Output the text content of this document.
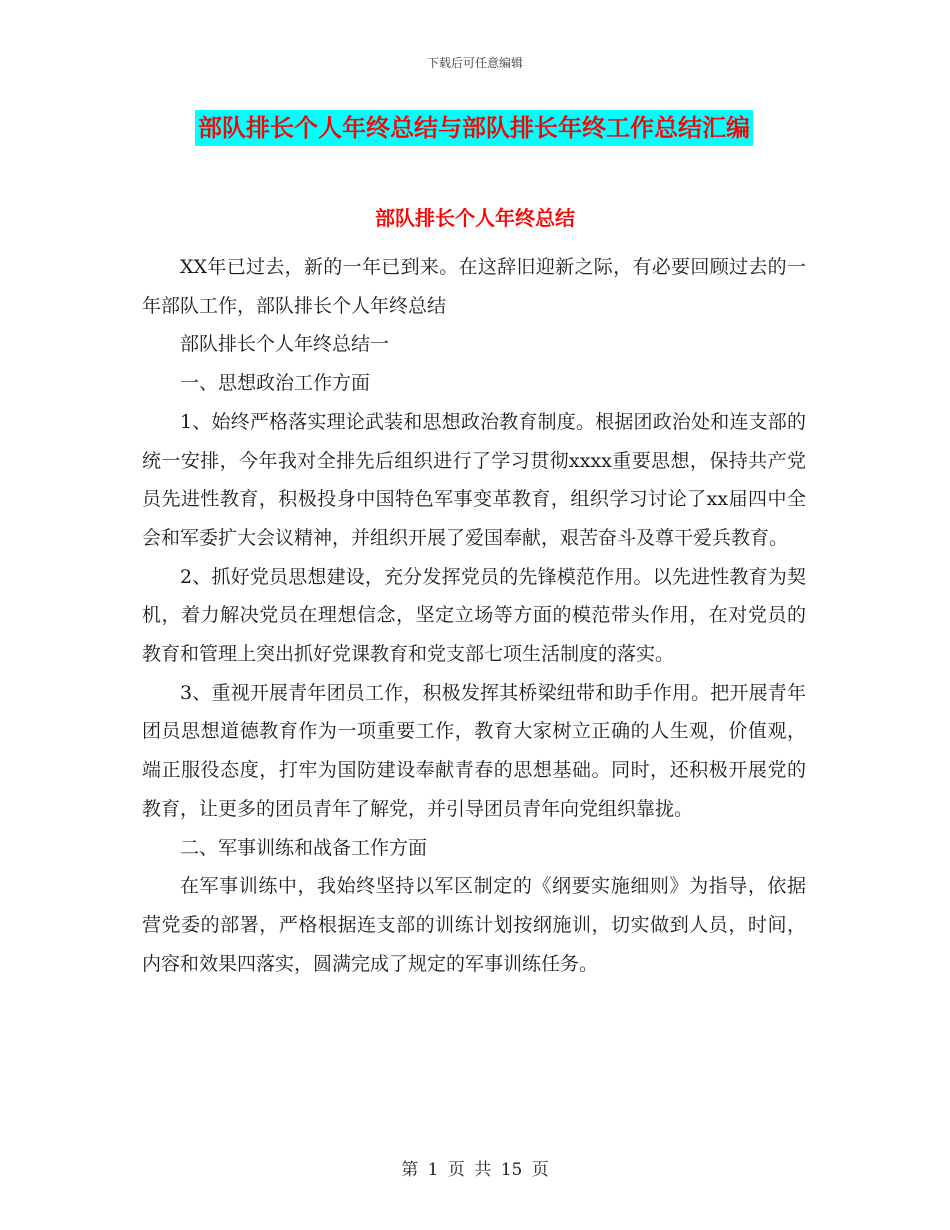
下载后可任意编辑
部队排长个人年终总结与部队排长年终工作总结汇编
部队排长个人年终总结

XX年已过去，新的一年已到来。在这辞旧迎新之际，有必要回顾过去的一年部队工作，部队排长个人年终总结

部队排长个人年终总结一

一、思想政治工作方面

1、始终严格落实理论武装和思想政治教育制度。根据团政治处和连支部的统一安排，今年我对全排先后组织进行了学习贯彻xxxx重要思想，保持共产党员先进性教育，积极投身中国特色军事变革教育，组织学习讨论了xx届四中全会和军委扩大会议精神，并组织开展了爱国奉献，艰苦奋斗及尊干爱兵教育。

2、抓好党员思想建设，充分发挥党员的先锋模范作用。以先进性教育为契机，着力解决党员在理想信念，坚定立场等方面的模范带头作用，在对党员的教育和管理上突出抓好党课教育和党支部七项生活制度的落实。

3、重视开展青年团员工作，积极发挥其桥梁纽带和助手作用。把开展青年团员思想道德教育作为一项重要工作，教育大家树立正确的人生观，价值观，端正服役态度，打牢为国防建设奉献青春的思想基础。同时，还积极开展党的教育，让更多的团员青年了解党，并引导团员青年向党组织靠拢。

二、军事训练和战备工作方面

在军事训练中，我始终坚持以军区制定的《纲要实施细则》为指导，依据营党委的部署，严格根据连支部的训练计划按纲施训，切实做到人员，时间，内容和效果四落实，圆满完成了规定的军事训练任务。

第 1 页 共 15 页
